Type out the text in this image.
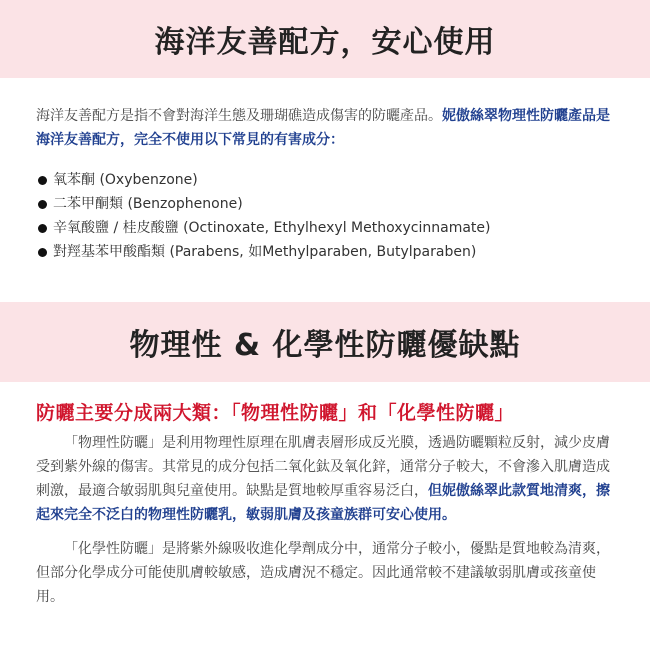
海洋友善配方，安心使用

海洋友善配方是指不會對海洋生態及珊瑚礁造成傷害的防曬產品。妮傲絲翠物理性防曬產品是海洋友善配方，完全不使用以下常見的有害成分：

氧苯酮 (Oxybenzone)
二苯甲酮類 (Benzophenone)
辛氧酸鹽 / 桂皮酸鹽 (Octinoxate, Ethylhexyl Methoxycinnamate)
對羥基苯甲酸酯類 (Parabens, 如Methylparaben, Butylparaben)
物理性 & 化學性防曬優缺點
防曬主要分成兩大類：「物理性防曬」和「化學性防曬」

「物理性防曬」是利用物理性原理在肌膚表層形成反光膜，透過防曬顆粒反射，減少皮膚受到紫外線的傷害。其常見的成分包括二氧化鈦及氧化鋅，通常分子較大，不會滲入肌膚造成刺激，最適合敏弱肌與兒童使用。缺點是質地較厚重容易泛白，但妮傲絲翠此款質地清爽，擦起來完全不泛白的物理性防曬乳，敏弱肌膚及孩童族群可安心使用。

「化學性防曬」是將紫外線吸收進化學劑成分中，通常分子較小，優點是質地較為清爽，但部分化學成分可能使肌膚較敏感，造成膚況不穩定。因此通常較不建議敏弱肌膚或孩童使用。
